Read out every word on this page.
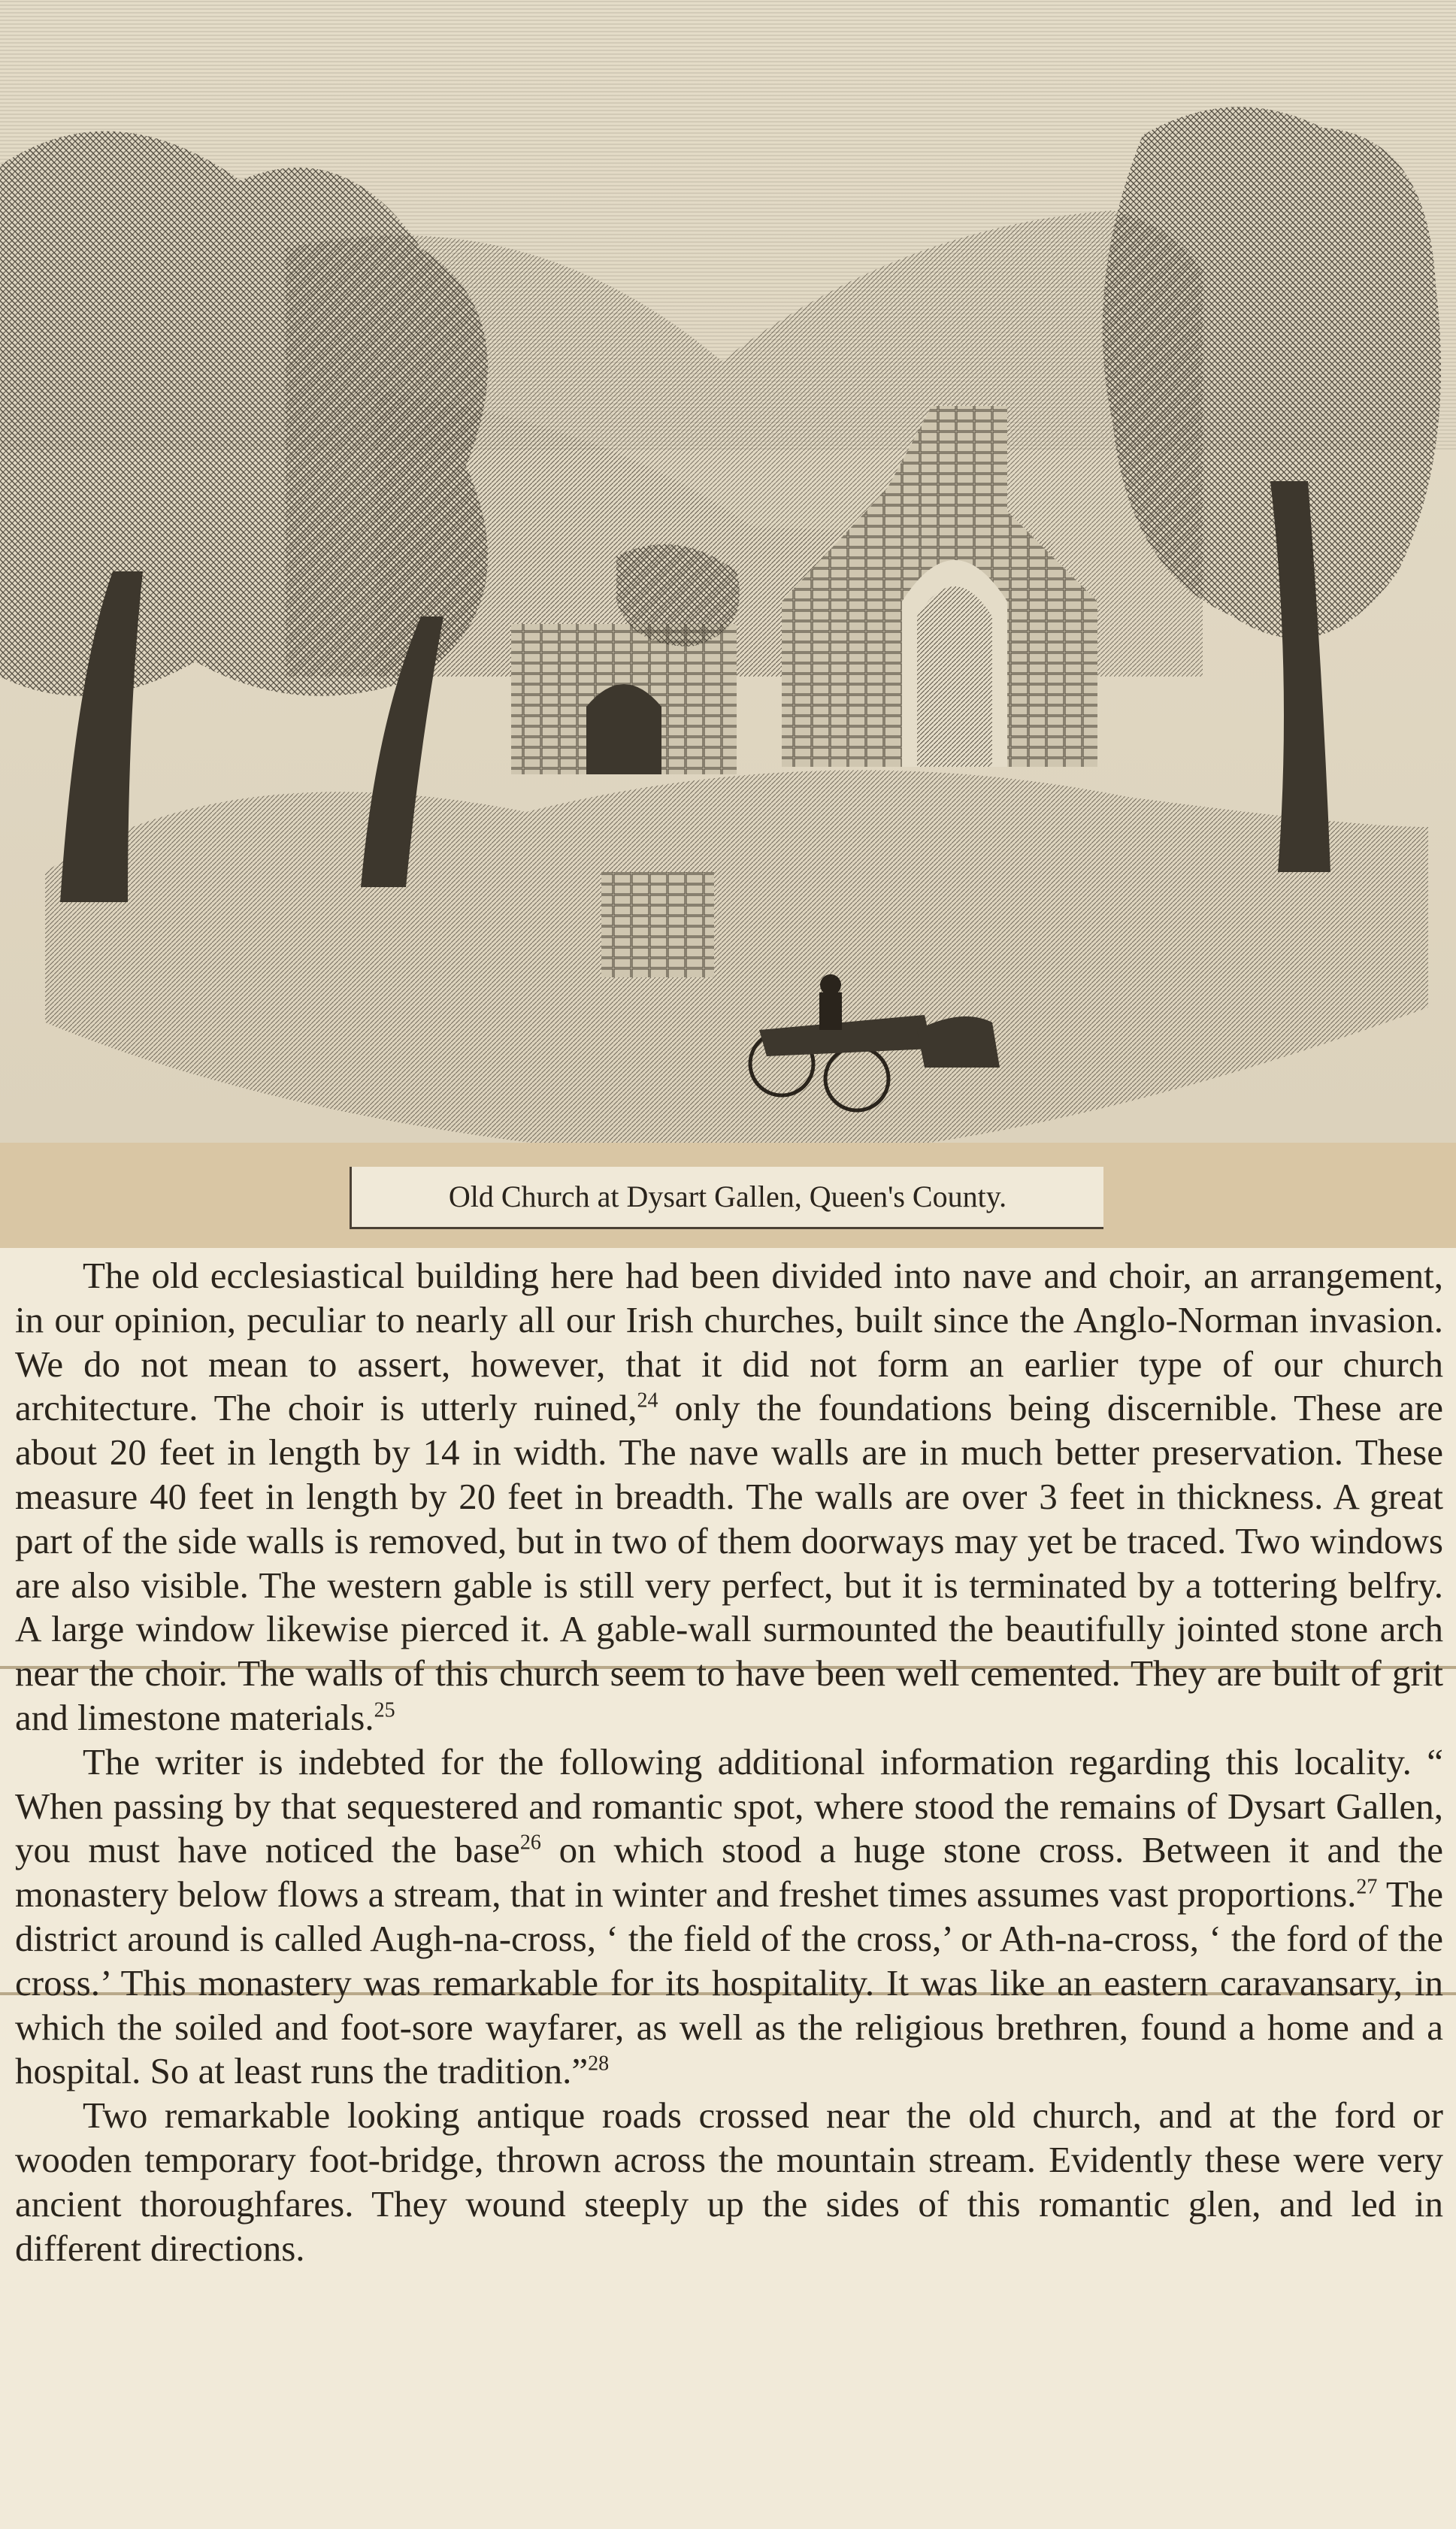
Old Church at Dysart Gallen, Queen's County.

The old ecclesiastical building here had been divided into nave and choir, an arrangement, in our opinion, peculiar to nearly all our Irish churches, built since the Anglo-Norman invasion. We do not mean to assert, however, that it did not form an earlier type of our church architecture. The choir is utterly ruined,$^{24}$ only the foundations being discernible. These are about 20 feet in length by 14 in width. The nave walls are in much better preservation. These measure 40 feet in length by 20 feet in breadth. The walls are over 3 feet in thickness. A great part of the side walls is removed, but in two of them doorways may yet be traced. Two windows are also visible. The western gable is still very perfect, but it is terminated by a tottering belfry. A large window likewise pierced it. A gable-wall surmounted the beautifully jointed stone arch near the choir. The walls of this church seem to have been well cemented. They are built of grit and limestone materials.$^{25}$

The writer is indebted for the following additional information regarding this locality. “ When passing by that sequestered and romantic spot, where stood the remains of Dysart Gallen, you must have noticed the base$^{26}$ on which stood a huge stone cross. Between it and the monastery below flows a stream, that in winter and freshet times assumes vast proportions.$^{27}$ The district around is called Augh-na-cross, ‘ the field of the cross,’ or Ath-na-cross, ‘ the ford of the cross.’ This monastery was remarkable for its hospitality. It was like an eastern caravansary, in which the soiled and foot-sore wayfarer, as well as the religious brethren, found a home and a hospital. So at least runs the tradition.”$^{28}$

Two remarkable looking antique roads crossed near the old church, and at the ford or wooden temporary foot-bridge, thrown across the mountain stream. Evidently these were very ancient thoroughfares. They wound steeply up the sides of this romantic glen, and led in different directions.
